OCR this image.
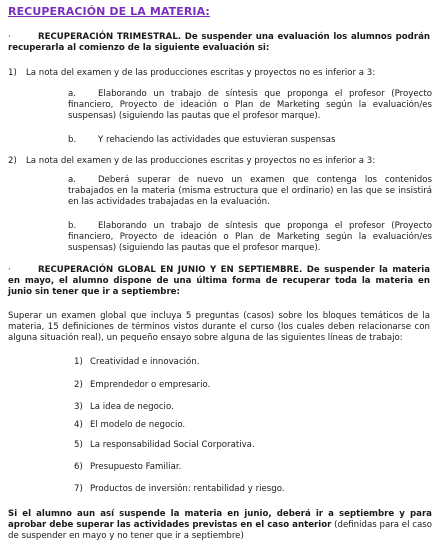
RECUPERACIÓN DE LA MATERIA:
·	RECUPERACIÓN TRIMESTRAL. De suspender una evaluación los alumnos podrán recuperarla al comienzo de la siguiente evaluación si:
1) La nota del examen y de las producciones escritas y proyectos no es inferior a 3:
a.	Elaborando un trabajo de síntesis que proponga el profesor (Proyecto financiero, Proyecto de ideación o Plan de Marketing según la evaluación/es suspensas) (siguiendo las pautas que el profesor marque).
b.	Y rehaciendo las actividades que estuvieran suspensas
2) La nota del examen y de las producciones escritas y proyectos no es inferior a 3:
a.	Deberá superar de nuevo un examen que contenga los contenidos trabajados en la materia (misma estructura que el ordinario) en las que se insistirá en las actividades trabajadas en la evaluación.
b.	Elaborando un trabajo de síntesis que proponga el profesor (Proyecto financiero, Proyecto de ideación o Plan de Marketing según la evaluación/es suspensas) (siguiendo las pautas que el profesor marque).
·	RECUPERACIÓN GLOBAL EN JUNIO Y EN SEPTIEMBRE. De suspender la materia en mayo, el alumno dispone de una última forma de recuperar toda la materia en junio sin tener que ir a septiembre:
Superar un examen global que incluya 5 preguntas (casos) sobre los bloques temáticos de la materia, 15 definiciones de términos vistos durante el curso (los cuales deben relacionarse con alguna situación real), un pequeño ensayo sobre alguna de las siguientes líneas de trabajo:
1) Creatividad e innovación.
2) Emprendedor o empresario.
3) La idea de negocio.
4) El modelo de negocio.
5) La responsabilidad Social Corporativa.
6) Presupuesto Familiar.
7) Productos de inversión: rentabilidad y riesgo.
Si el alumno aun así suspende la materia en junio, deberá ir a septiembre y para aprobar debe superar las actividades previstas en el caso anterior (definidas para el caso de suspender en mayo y no tener que ir a septiembre)
